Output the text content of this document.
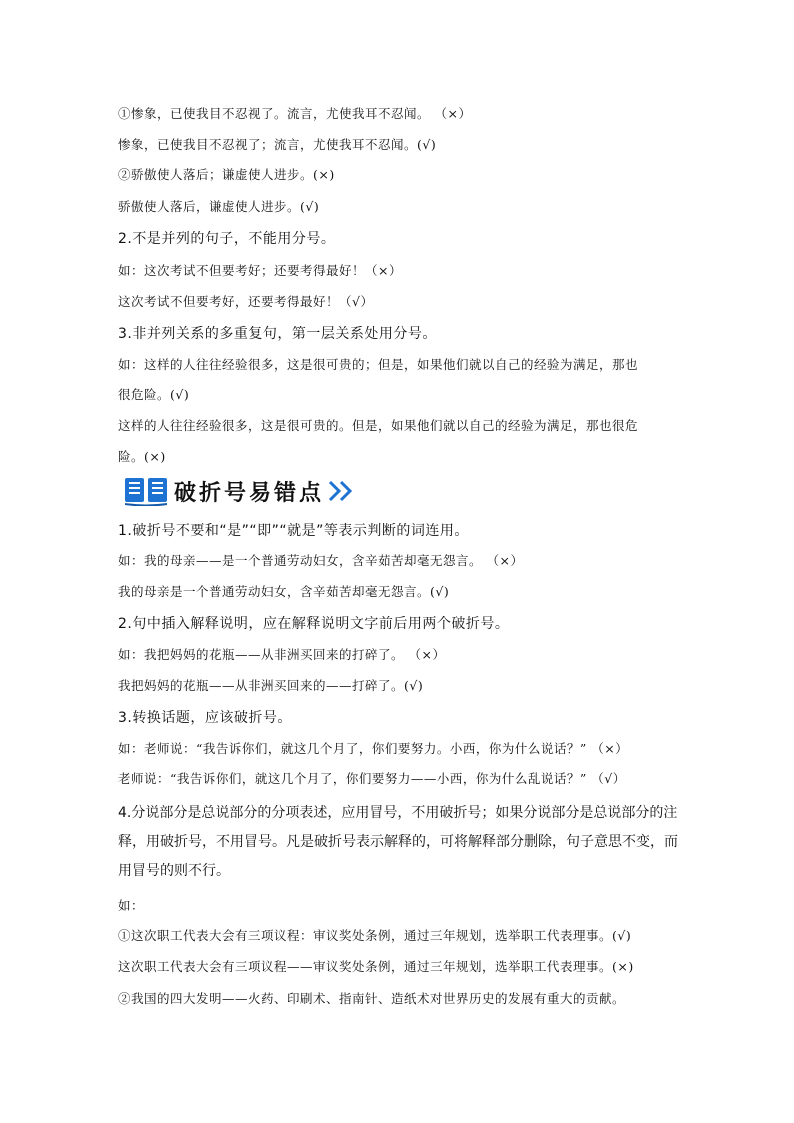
①惨象，已使我目不忍视了。流言，尤使我耳不忍闻。 （×）
惨象，已使我目不忍视了；流言，尤使我耳不忍闻。(√)
②骄傲使人落后；谦虚使人进步。(×)
骄傲使人落后，谦虚使人进步。(√)
2.不是并列的句子，不能用分号。
如：这次考试不但要考好；还要考得最好！（×）
这次考试不但要考好，还要考得最好！（√）
3.非并列关系的多重复句，第一层关系处用分号。
如：这样的人往往经验很多，这是很可贵的；但是，如果他们就以自己的经验为满足，那也
很危险。(√)
这样的人往往经验很多，这是很可贵的。但是，如果他们就以自己的经验为满足，那也很危
险。(×)
破折号易错点
1.破折号不要和“是”“即”“就是”等表示判断的词连用。
如：我的母亲——是一个普通劳动妇女，含辛茹苦却毫无怨言。 （×）
我的母亲是一个普通劳动妇女，含辛茹苦却毫无怨言。(√)
2.句中插入解释说明，应在解释说明文字前后用两个破折号。
如：我把妈妈的花瓶——从非洲买回来的打碎了。 （×）
我把妈妈的花瓶——从非洲买回来的——打碎了。(√)
3.转换话题，应该破折号。
如：老师说：“我告诉你们，就这几个月了，你们要努力。小西，你为什么说话？” （×）
老师说：“我告诉你们，就这几个月了，你们要努力——小西，你为什么乱说话？” （√）
4.分说部分是总说部分的分项表述，应用冒号，不用破折号；如果分说部分是总说部分的注释，用破折号，不用冒号。凡是破折号表示解释的，可将解释部分删除，句子意思不变，而用冒号的则不行。
如：
①这次职工代表大会有三项议程：审议奖处条例，通过三年规划，选举职工代表理事。(√)
这次职工代表大会有三项议程——审议奖处条例，通过三年规划，选举职工代表理事。(×)
②我国的四大发明——火药、印刷术、指南针、造纸术对世界历史的发展有重大的贡献。
